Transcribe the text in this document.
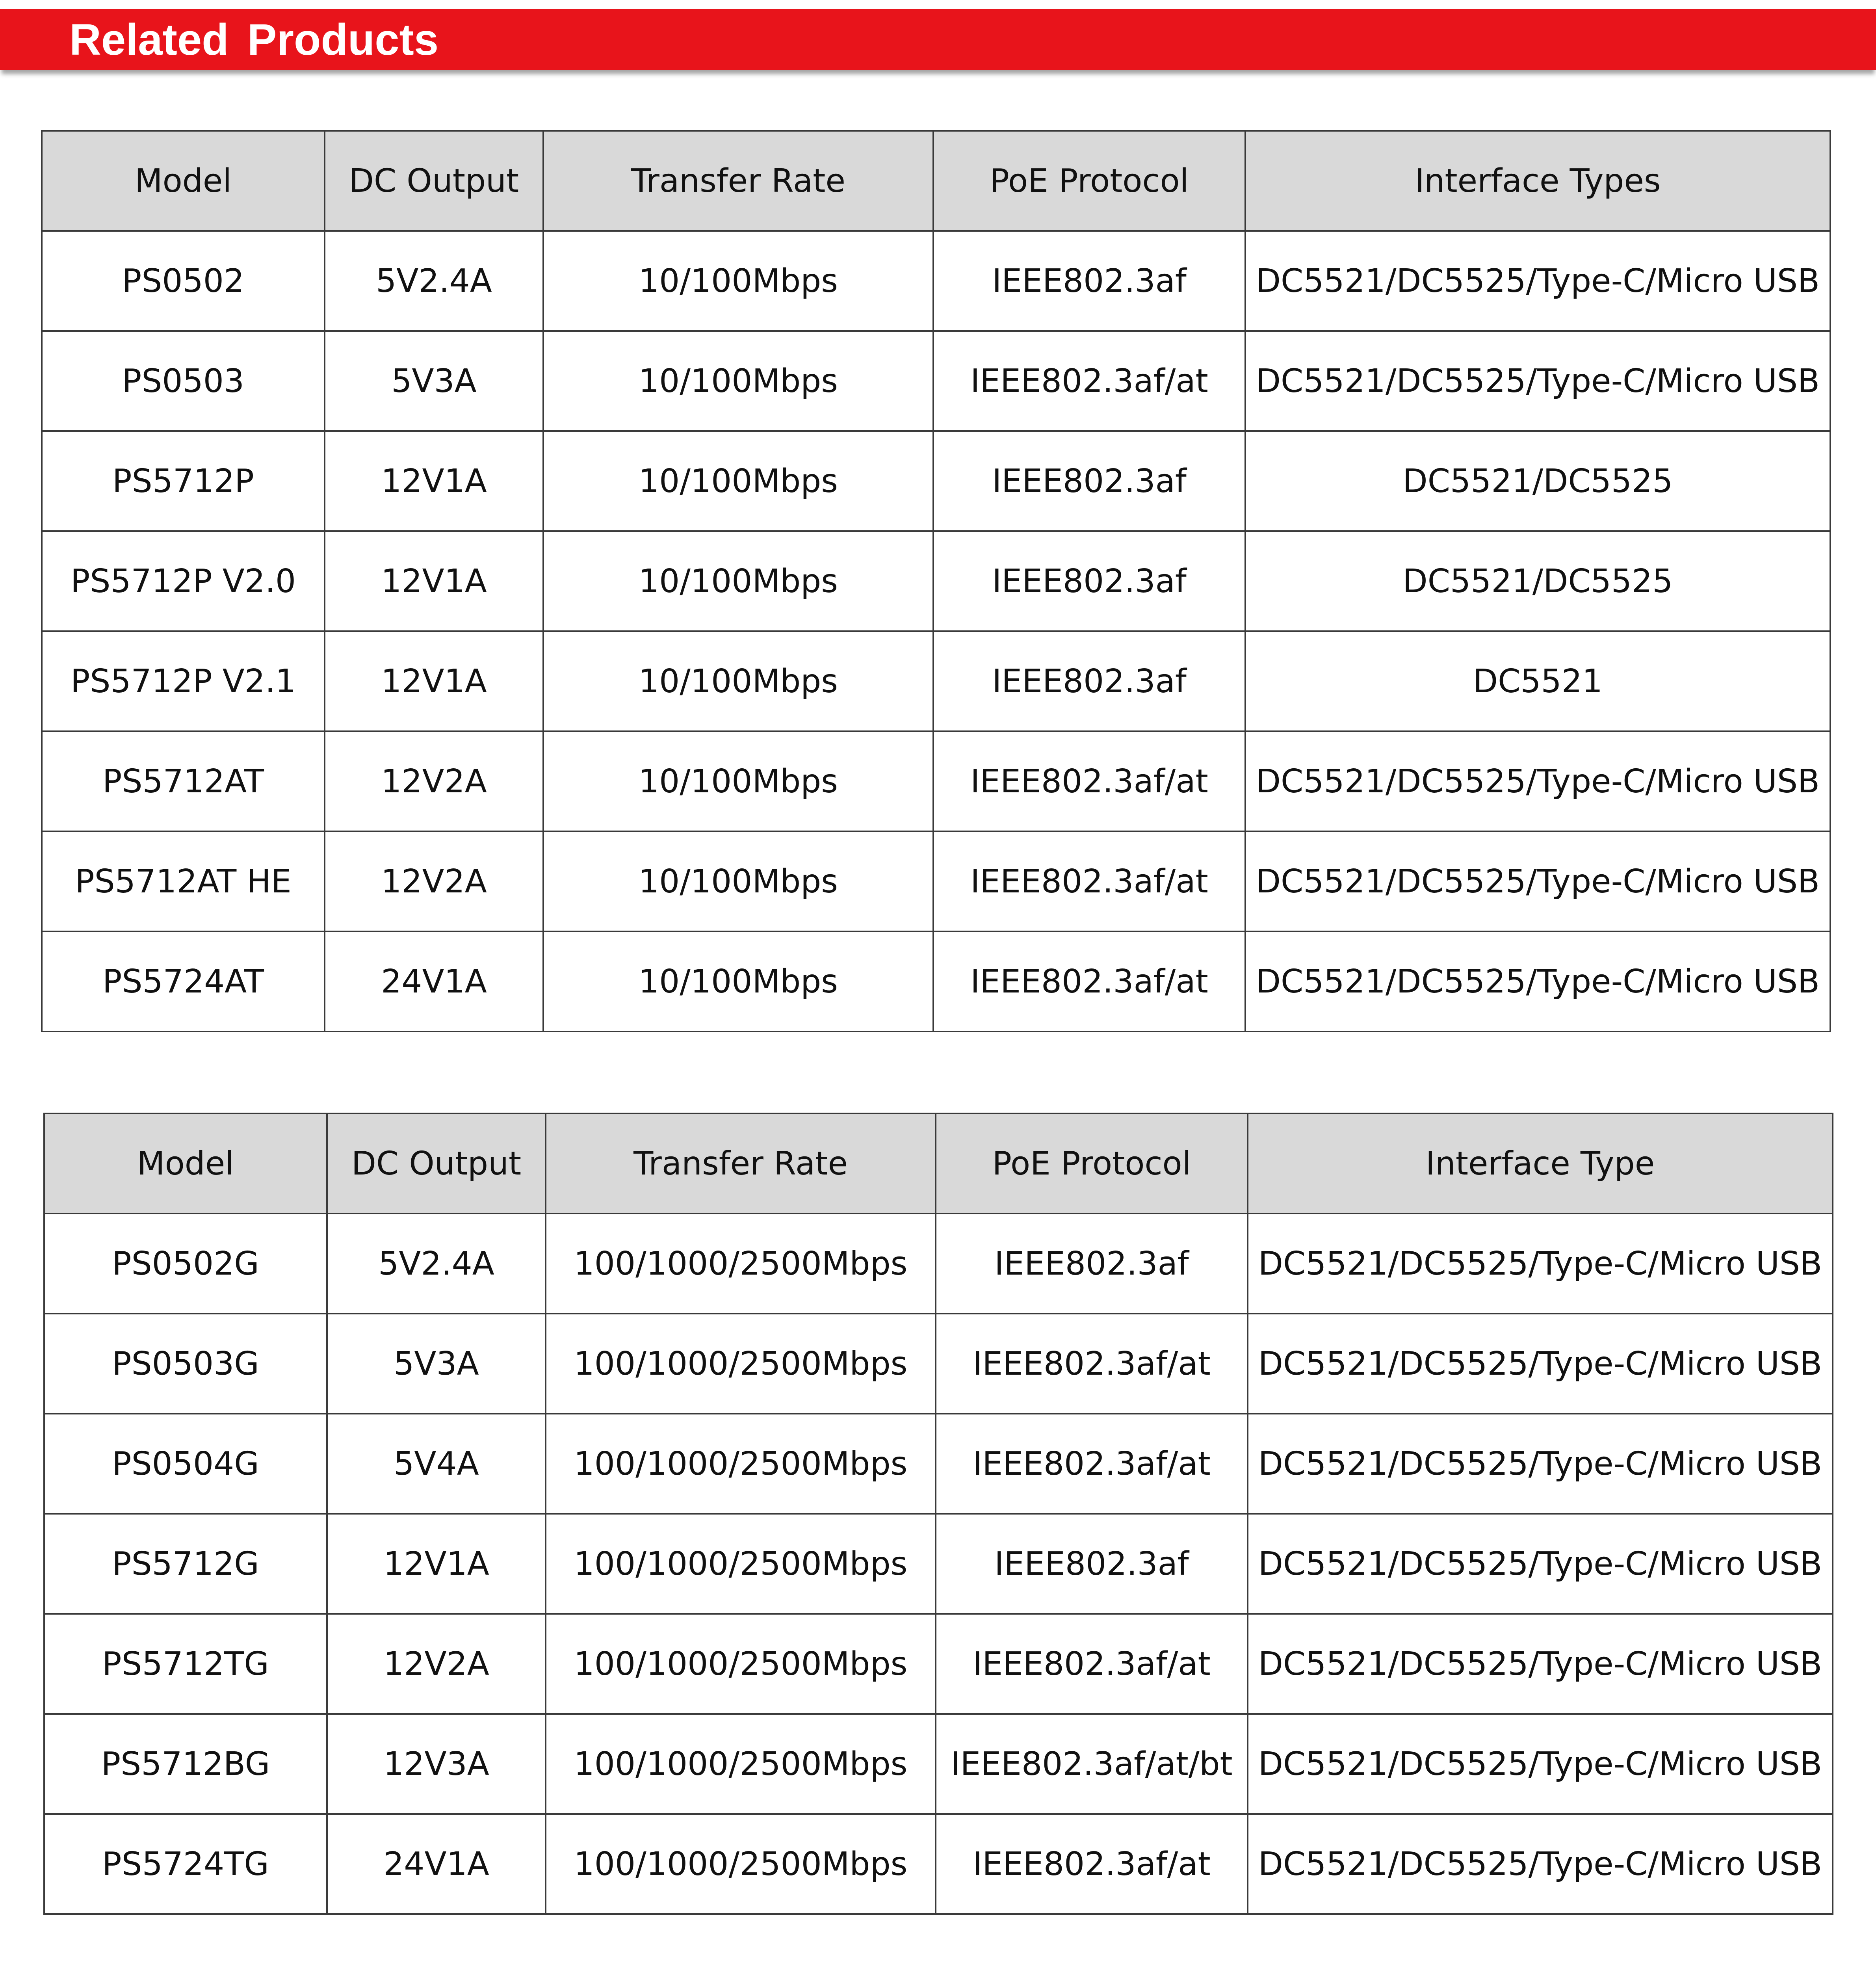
Related Products
Model	DC Output	Transfer Rate	PoE Protocol	Interface Types
PS0502	5V2.4A	10/100Mbps	IEEE802.3af	DC5521/DC5525/Type-C/Micro USB
PS0503	5V3A	10/100Mbps	IEEE802.3af/at	DC5521/DC5525/Type-C/Micro USB
PS5712P	12V1A	10/100Mbps	IEEE802.3af	DC5521/DC5525
PS5712P V2.0	12V1A	10/100Mbps	IEEE802.3af	DC5521/DC5525
PS5712P V2.1	12V1A	10/100Mbps	IEEE802.3af	DC5521
PS5712AT	12V2A	10/100Mbps	IEEE802.3af/at	DC5521/DC5525/Type-C/Micro USB
PS5712AT HE	12V2A	10/100Mbps	IEEE802.3af/at	DC5521/DC5525/Type-C/Micro USB
PS5724AT	24V1A	10/100Mbps	IEEE802.3af/at	DC5521/DC5525/Type-C/Micro USB
Model	DC Output	Transfer Rate	PoE Protocol	Interface Type
PS0502G	5V2.4A	100/1000/2500Mbps	IEEE802.3af	DC5521/DC5525/Type-C/Micro USB
PS0503G	5V3A	100/1000/2500Mbps	IEEE802.3af/at	DC5521/DC5525/Type-C/Micro USB
PS0504G	5V4A	100/1000/2500Mbps	IEEE802.3af/at	DC5521/DC5525/Type-C/Micro USB
PS5712G	12V1A	100/1000/2500Mbps	IEEE802.3af	DC5521/DC5525/Type-C/Micro USB
PS5712TG	12V2A	100/1000/2500Mbps	IEEE802.3af/at	DC5521/DC5525/Type-C/Micro USB
PS5712BG	12V3A	100/1000/2500Mbps	IEEE802.3af/at/bt	DC5521/DC5525/Type-C/Micro USB
PS5724TG	24V1A	100/1000/2500Mbps	IEEE802.3af/at	DC5521/DC5525/Type-C/Micro USB
